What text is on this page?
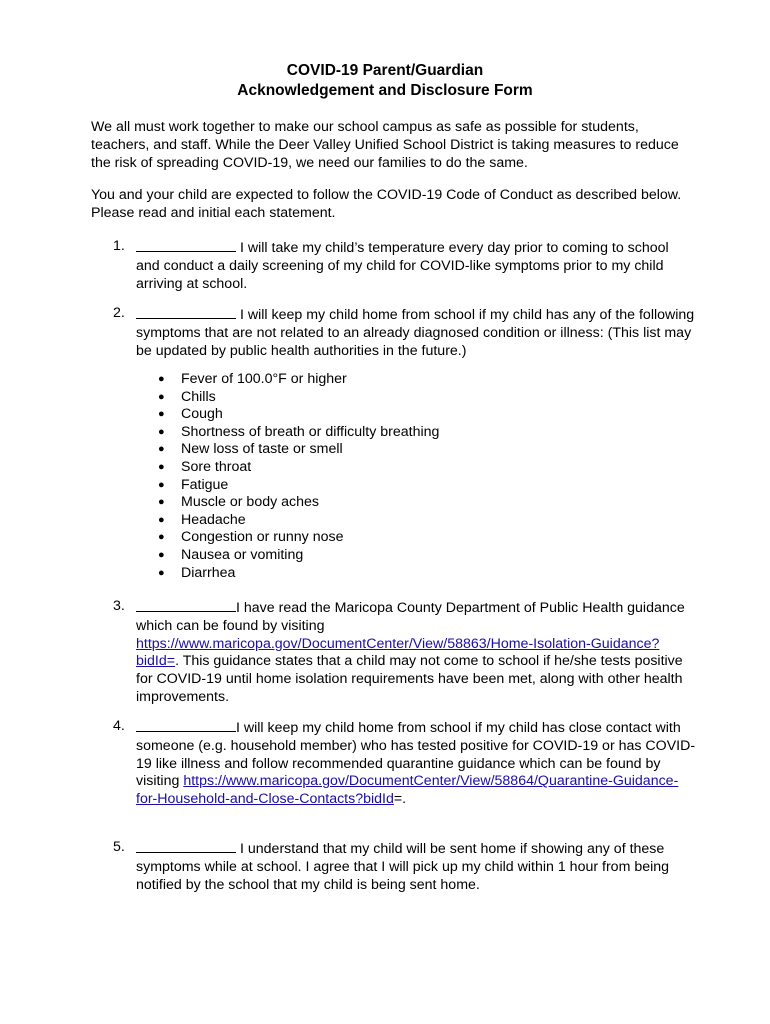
COVID-19 Parent/Guardian
Acknowledgement and Disclosure Form
We all must work together to make our school campus as safe as possible for students, teachers, and staff. While the Deer Valley Unified School District is taking measures to reduce the risk of spreading COVID-19, we need our families to do the same.
You and your child are expected to follow the COVID-19 Code of Conduct as described below. Please read and initial each statement.
1.	I will take my child’s temperature every day prior to coming to school and conduct a daily screening of my child for COVID-like symptoms prior to my child arriving at school.
2.	I will keep my child home from school if my child has any of the following symptoms that are not related to an already diagnosed condition or illness: (This list may be updated by public health authorities in the future.)
● Fever of 100.0°F or higher
● Chills
● Cough
● Shortness of breath or difficulty breathing
● New loss of taste or smell
● Sore throat
● Fatigue
● Muscle or body aches
● Headache
● Congestion or runny nose
● Nausea or vomiting
● Diarrhea
3.	I have read the Maricopa County Department of Public Health guidance which can be found by visiting https://www.maricopa.gov/DocumentCenter/View/58863/Home-Isolation-Guidance?bidId=. This guidance states that a child may not come to school if he/she tests positive for COVID-19 until home isolation requirements have been met, along with other health improvements.
4.	I will keep my child home from school if my child has close contact with someone (e.g. household member) who has tested positive for COVID-19 or has COVID-19 like illness and follow recommended quarantine guidance which can be found by visiting https://www.maricopa.gov/DocumentCenter/View/58864/Quarantine-Guidance-for-Household-and-Close-Contacts?bidId=.
5.	I understand that my child will be sent home if showing any of these symptoms while at school. I agree that I will pick up my child within 1 hour from being notified by the school that my child is being sent home.
